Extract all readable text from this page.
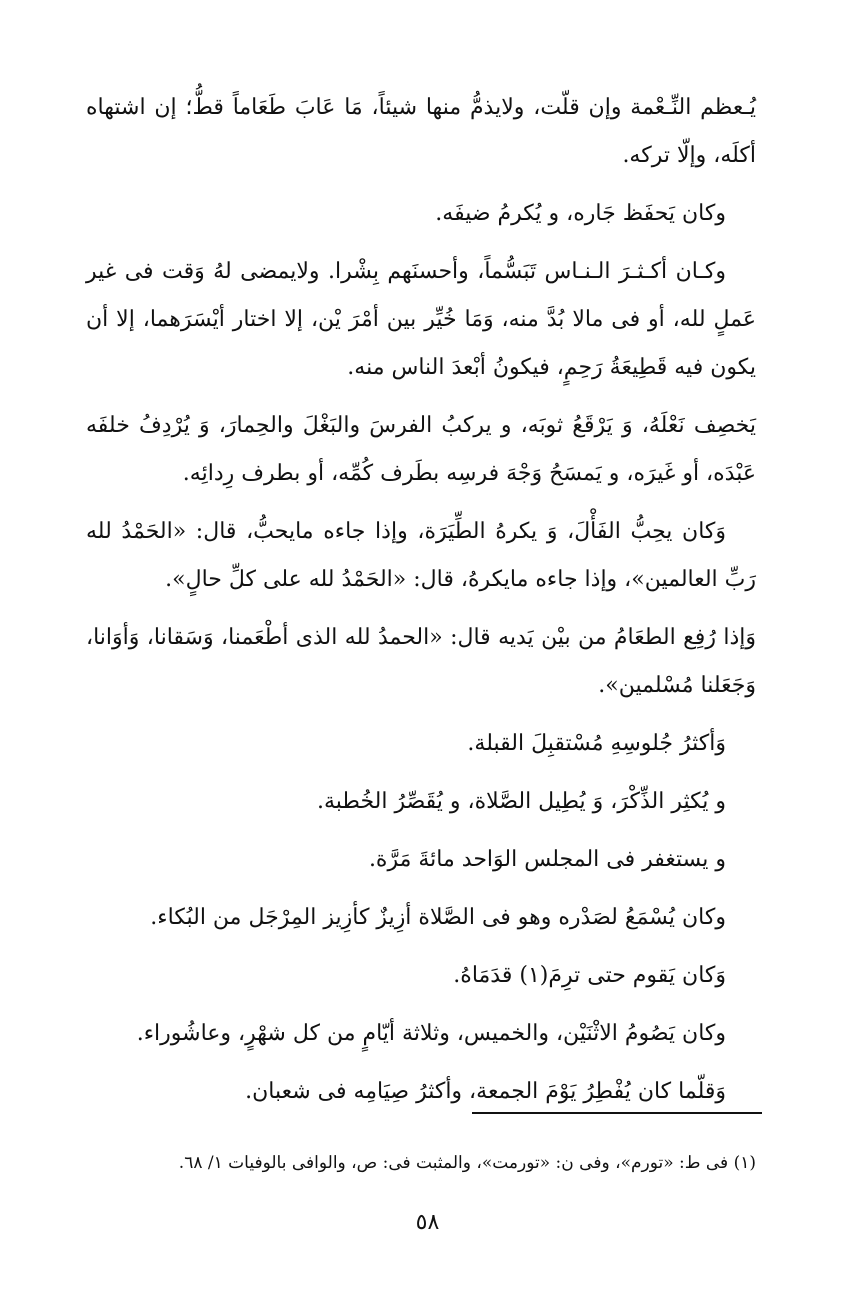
يُـعظم النِّـعْمة وإن قلّت، ولايذمُّ منها شيئاً، مَا عَابَ طَعَاماً قطُّ؛ إن اشتهاه أكلَه، وإلّا تركه.

وكان يَحفَظ جَاره، و يُكرمُ ضيفَه.

وكـان أكـثـرَ الـنـاس تَبَسُّماً، وأحسنَهم بِشْرا. ولايمضى لهُ وَقت فى غير عَملٍ لله، أو فى مالا بُدَّ منه، وَمَا خُيِّر بين أمْرَ يْن، إلا اختار أيْسَرَهما، إلا أن يكون فيه قَطِيعَةُ رَحِمٍ، فيكونُ أبْعدَ الناس منه.

يَخصِف نَعْلَهُ، وَ يَرْقَعُ ثوبَه، و يركبُ الفرسَ والبَغْلَ والحِمارَ، وَ يُرْدِفُ خلفَه عَبْدَه، أو غَيرَه، و يَمسَحُ وَجْهَ فرسِه بطَرف كُمِّه، أو بطرف رِدائِه.

وَكان يحِبُّ الفَأْلَ، وَ يكرهُ الطِّيَرَة، وإذا جاءه مايحبُّ، قال: «الحَمْدُ لله رَبِّ العالمين»، وإذا جاءه مايكرهُ، قال: «الحَمْدُ لله على كلِّ حالٍ».

وَإذا رُفِع الطعَامُ من بيْن يَديه قال: «الحمدُ لله الذى أطْعَمنا، وَسَقانا، وَأوَانا، وَجَعَلنا مُسْلمين».

وَأكثرُ جُلوسِهِ مُسْتقبِلَ القبلة.

و يُكثِر الذِّكْرَ، وَ يُطِيل الصَّلاة، و يُقَصِّرُ الخُطبة.

و يستغفر فى المجلس الوَاحد مائةَ مَرَّة.

وكان يُسْمَعُ لصَدْره وهو فى الصَّلاة أزِيزٌ كأزِيز المِرْجَل من البُكاء.

وَكان يَقوم حتى ترِمَ(١) قدَمَاهُ.

وكان يَصُومُ الاثْنَيْن، والخميس، وثلاثة أيّامٍ من كل شهْرٍ، وعاشُوراء.

وَقلّما كان يُفْطِرُ يَوْمَ الجمعة، وأكثرُ صِيَامِه فى شعبان.

(١) فى ط: «تورم»، وفى ن: «تورمت»، والمثبت فى: ص، والوافى بالوفيات ١/ ٦٨.
٥٨
